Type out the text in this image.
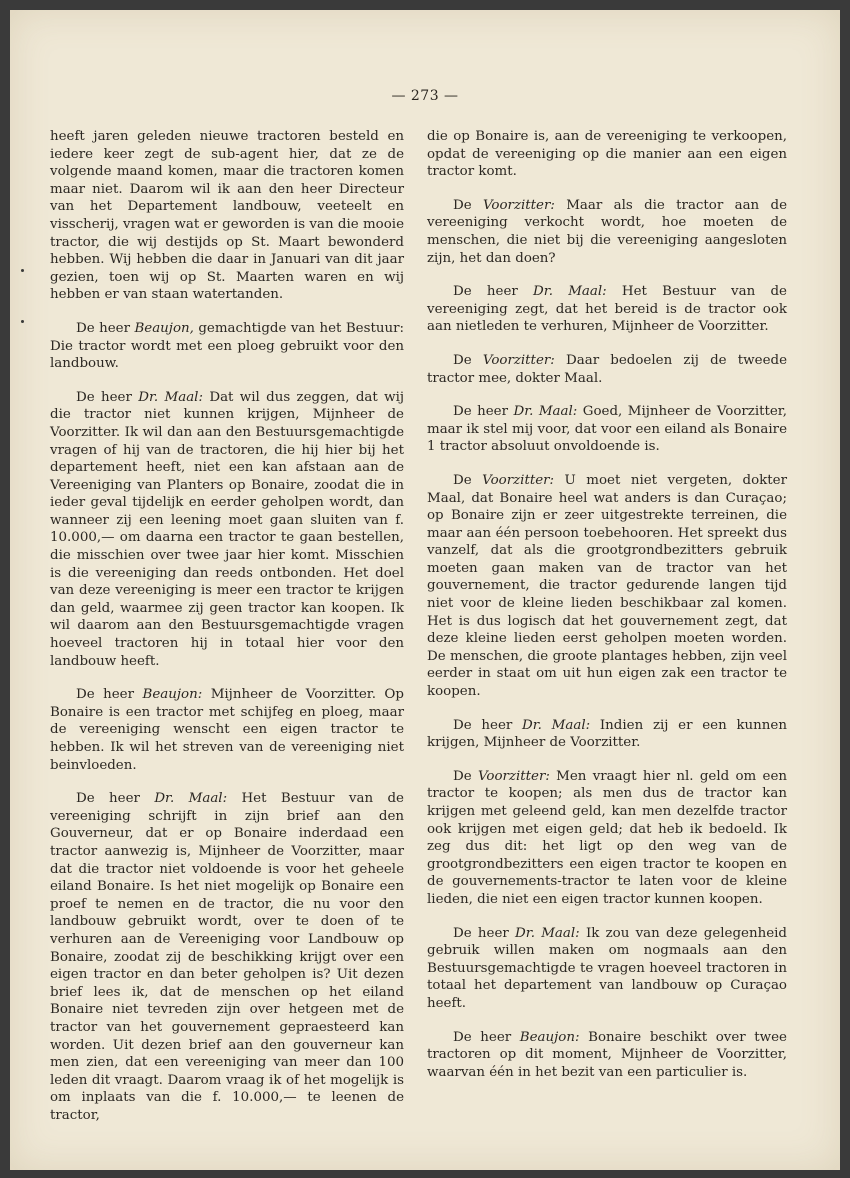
— 273 —

heeft jaren geleden nieuwe tractoren besteld en iedere keer zegt de sub-agent hier, dat ze de volgende maand komen, maar die tractoren komen maar niet. Daarom wil ik aan den heer Directeur van het Departement landbouw, veeteelt en visscherij, vragen wat er geworden is van die mooie tractor, die wij destijds op St. Maart bewonderd hebben. Wij hebben die daar in Januari van dit jaar gezien, toen wij op St. Maarten waren en wij hebben er van staan watertanden.

De heer Beaujon, gemachtigde van het Bestuur: Die tractor wordt met een ploeg gebruikt voor den landbouw.

De heer Dr. Maal: Dat wil dus zeggen, dat wij die tractor niet kunnen krijgen, Mijnheer de Voorzitter. Ik wil dan aan den Bestuursgemachtigde vragen of hij van de tractoren, die hij hier bij het departement heeft, niet een kan afstaan aan de Vereeniging van Planters op Bonaire, zoodat die in ieder geval tijdelijk en eerder geholpen wordt, dan wanneer zij een leening moet gaan sluiten van f. 10.000,— om daarna een tractor te gaan bestellen, die misschien over twee jaar hier komt. Misschien is die vereeniging dan reeds ontbonden. Het doel van deze vereeniging is meer een tractor te krijgen dan geld, waarmee zij geen tractor kan koopen. Ik wil daarom aan den Bestuursgemachtigde vragen hoeveel tractoren hij in totaal hier voor den landbouw heeft.

De heer Beaujon: Mijnheer de Voorzitter. Op Bonaire is een tractor met schijfeg en ploeg, maar de vereeniging wenscht een eigen tractor te hebben. Ik wil het streven van de vereeniging niet beinvloeden.

De heer Dr. Maal: Het Bestuur van de vereeniging schrijft in zijn brief aan den Gouverneur, dat er op Bonaire inderdaad een tractor aanwezig is, Mijnheer de Voorzitter, maar dat die tractor niet voldoende is voor het geheele eiland Bonaire. Is het niet mogelijk op Bonaire een proef te nemen en de tractor, die nu voor den landbouw gebruikt wordt, over te doen of te verhuren aan de Vereeniging voor Landbouw op Bonaire, zoodat zij de beschikking krijgt over een eigen tractor en dan beter geholpen is? Uit dezen brief lees ik, dat de menschen op het eiland Bonaire niet tevreden zijn over hetgeen met de tractor van het gouvernement gepraesteerd kan worden. Uit dezen brief aan den gouverneur kan men zien, dat een vereeniging van meer dan 100 leden dit vraagt. Daarom vraag ik of het mogelijk is om inplaats van die f. 10.000,— te leenen de tractor,

die op Bonaire is, aan de vereeniging te verkoopen, opdat de vereeniging op die manier aan een eigen tractor komt.

De Voorzitter: Maar als die tractor aan de vereeniging verkocht wordt, hoe moeten de menschen, die niet bij die vereeniging aangesloten zijn, het dan doen?

De heer Dr. Maal: Het Bestuur van de vereeniging zegt, dat het bereid is de tractor ook aan nietleden te verhuren, Mijnheer de Voorzitter.

De Voorzitter: Daar bedoelen zij de tweede tractor mee, dokter Maal.

De heer Dr. Maal: Goed, Mijnheer de Voorzitter, maar ik stel mij voor, dat voor een eiland als Bonaire 1 tractor absoluut onvoldoende is.

De Voorzitter: U moet niet vergeten, dokter Maal, dat Bonaire heel wat anders is dan Curaçao; op Bonaire zijn er zeer uitgestrekte terreinen, die maar aan één persoon toebehooren. Het spreekt dus vanzelf, dat als die grootgrondbezitters gebruik moeten gaan maken van de tractor van het gouvernement, die tractor gedurende langen tijd niet voor de kleine lieden beschikbaar zal komen. Het is dus logisch dat het gouvernement zegt, dat deze kleine lieden eerst geholpen moeten worden. De menschen, die groote plantages hebben, zijn veel eerder in staat om uit hun eigen zak een tractor te koopen.

De heer Dr. Maal: Indien zij er een kunnen krijgen, Mijnheer de Voorzitter.

De Voorzitter: Men vraagt hier nl. geld om een tractor te koopen; als men dus de tractor kan krijgen met geleend geld, kan men dezelfde tractor ook krijgen met eigen geld; dat heb ik bedoeld. Ik zeg dus dit: het ligt op den weg van de grootgrondbezitters een eigen tractor te koopen en de gouvernements-tractor te laten voor de kleine lieden, die niet een eigen tractor kunnen koopen.

De heer Dr. Maal: Ik zou van deze gelegenheid gebruik willen maken om nogmaals aan den Bestuursgemachtigde te vragen hoeveel tractoren in totaal het departement van landbouw op Curaçao heeft.

De heer Beaujon: Bonaire beschikt over twee tractoren op dit moment, Mijnheer de Voorzitter, waarvan één in het bezit van een particulier is.
